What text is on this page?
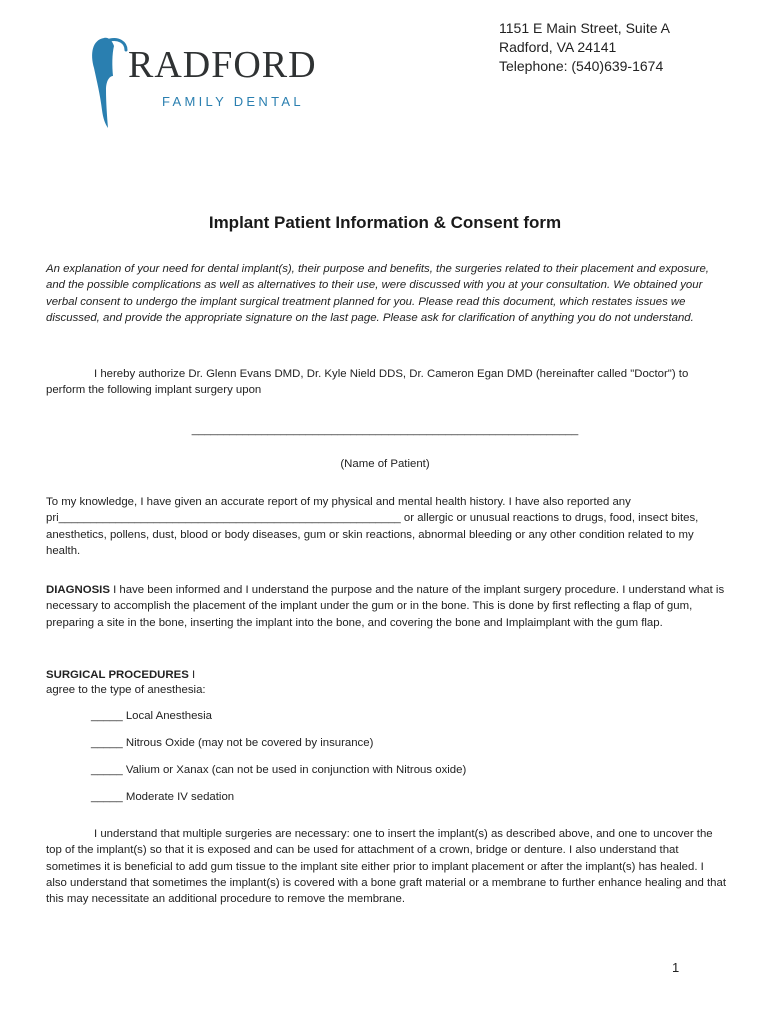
RADFORD
FAMILY DENTAL
1151 E Main Street, Suite A
Radford, VA 24141
Telephone: (540)639-1674
Implant Patient Information & Consent form
An explanation of your need for dental implant(s), their purpose and benefits, the surgeries related to their placement and exposure, and the possible complications as well as alternatives to their use, were discussed with you at your consultation. We obtained your verbal consent to undergo the implant surgical treatment planned for you. Please read this document, which restates issues we discussed, and provide the appropriate signature on the last page. Please ask for clarification of anything you do not understand.
I hereby authorize Dr. Glenn Evans DMD, Dr. Kyle Nield DDS, Dr. Cameron Egan DMD (hereinafter called "Doctor") to perform the following implant surgery upon
_____________________________________________________________
(Name of Patient)
To my knowledge, I have given an accurate report of my physical and mental health history. I have also reported any pri______________________________________________________ or allergic or unusual reactions to drugs, food, insect bites, anesthetics, pollens, dust, blood or body diseases, gum or skin reactions, abnormal bleeding or any other condition related to my health.
DIAGNOSIS I have been informed and I understand the purpose and the nature of the implant surgery procedure. I understand what is necessary to accomplish the placement of the implant under the gum or in the bone. This is done by first reflecting a flap of gum, preparing a site in the bone, inserting the implant into the bone, and covering the bone and Implaimplant with the gum flap.
SURGICAL PROCEDURES I
agree to the type of anesthesia:
_____ Local Anesthesia
_____ Nitrous Oxide (may not be covered by insurance)
_____ Valium or Xanax (can not be used in conjunction with Nitrous oxide)
_____ Moderate IV sedation
I understand that multiple surgeries are necessary: one to insert the implant(s) as described above, and one to uncover the top of the implant(s) so that it is exposed and can be used for attachment of a crown, bridge or denture. I also understand that sometimes it is beneficial to add gum tissue to the implant site either prior to implant placement or after the implant(s) has healed. I also understand that sometimes the implant(s) is covered with a bone graft material or a membrane to further enhance healing and that this may necessitate an additional procedure to remove the membrane.
1
